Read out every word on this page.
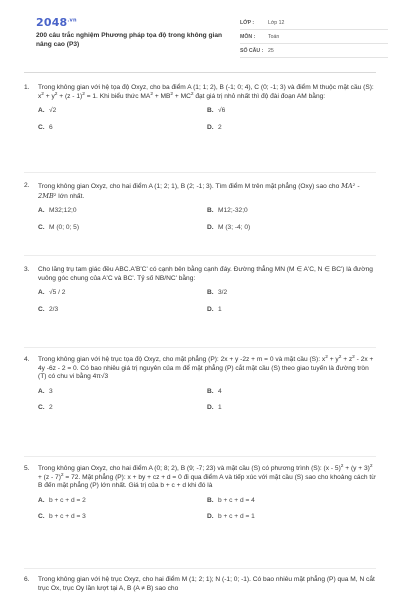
$2048^{.vn}$
200 câu trắc nghiệm Phương pháp tọa độ trong không gian nâng cao (P3)
LỚP :	Lớp 12
MÔN :	Toán
SỐ CÂU : 25
1.	Trong không gian với hệ tọa độ Oxyz, cho ba điểm A (1; 1; 2), B (-1; 0; 4), C (0; -1; 3) và điểm M thuộc mặt cầu (S): $x^2 + y^2 + (z - 1)^2 = 1$. Khi biểu thức $MA^2 + MB^2 + MC^2$ đạt giá trị nhỏ nhất thì độ đài đoạn AM bằng:
A. √2	B. √6
C. 6	D. 2
2.	Trong không gian Oxyz, cho hai điểm A (1; 2; 1), B (2; -1; 3). Tìm điểm M trên mặt phẳng (Oxy) sao cho MA² - 2MB² lớn nhất.
A. M32;12;0	B. M12;-32;0
C. M (0; 0; 5)	D. M (3; -4; 0)
3.	Cho lăng trụ tam giác đều ABC.A'B'C' có cạnh bên bằng cạnh đáy. Đường thẳng MN (M ∈ A'C, N ∈ BC') là đường vuông góc chung của A'C và BC'. Tỷ số NB/NC' bằng:
A. √5 / 2	B. 3/2
C. 2/3	D. 1
4.	Trong không gian với hệ trục tọa độ Oxyz, cho mặt phẳng (P): 2x + y -2z + m = 0 và mặt cầu (S): $x^2 + y^2 + z^2 - 2x + 4y$ -6z - 2 = 0. Có bao nhiêu giá trị nguyên của m để mặt phẳng (P) cắt mặt cầu (S) theo giao tuyến là đường tròn (T) có chu vi bằng 4π√3
A. 3	B. 4
C. 2	D. 1
5.	Trong không gian Oxyz, cho hai điểm A (0; 8; 2), B (9; -7; 23) và mặt cầu (S) có phương trình (S): $(x - 5)^2 + (y + 3)^2 + (z - 7)^2 = 72$. Mặt phẳng (P): x + by + cz + d = 0 đi qua điểm A và tiếp xúc với mặt cầu (S) sao cho khoảng cách từ B đến mặt phẳng (P) lớn nhất. Giá trị của b + c + d khi đó là
A. b + c + d = 2	B. b + c + d = 4
C. b + c + d = 3	D. b + c + d = 1
6.	Trong không gian với hệ trục Oxyz, cho hai điểm M (1; 2; 1); N (-1; 0; -1). Có bao nhiêu mặt phẳng (P) qua M, N cắt trục Ox, trục Oy lần lượt tại A, B (A ≠ B) sao cho
